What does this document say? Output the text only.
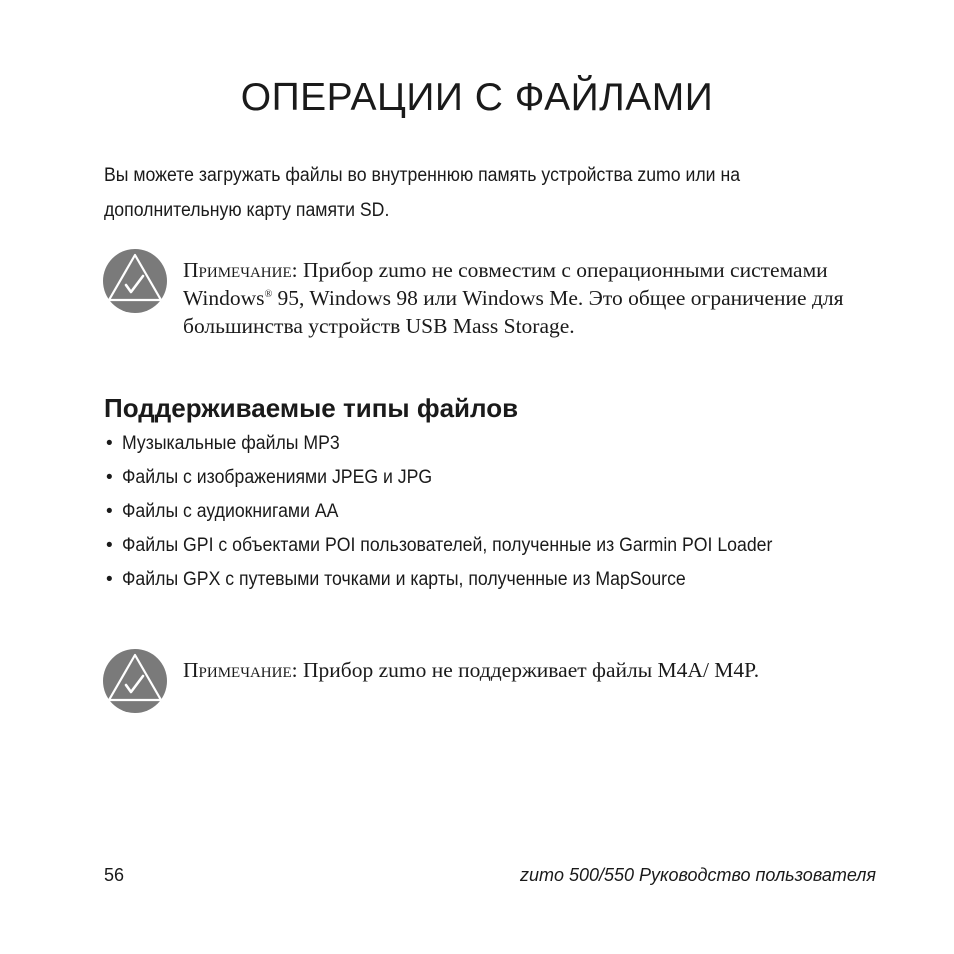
ОПЕРАЦИИ С ФАЙЛАМИ

Вы можете загружать файлы во внутреннюю память устройства zumo или на дополнительную карту памяти SD.

Примечание: Прибор zumo не совместим с операционными системами Windows® 95, Windows 98 или Windows Me. Это общее ограничение для большинства устройств USB Mass Storage.

Поддерживаемые типы файлов
• Музыкальные файлы MP3
• Файлы с изображениями JPEG и JPG
• Файлы с аудиокнигами AA
• Файлы GPI с объектами POI пользователей, полученные из Garmin POI Loader
• Файлы GPX с путевыми точками и карты, полученные из MapSource

Примечание: Прибор zumo не поддерживает файлы M4A/ M4P.

56	zumo 500/550 Руководство пользователя
